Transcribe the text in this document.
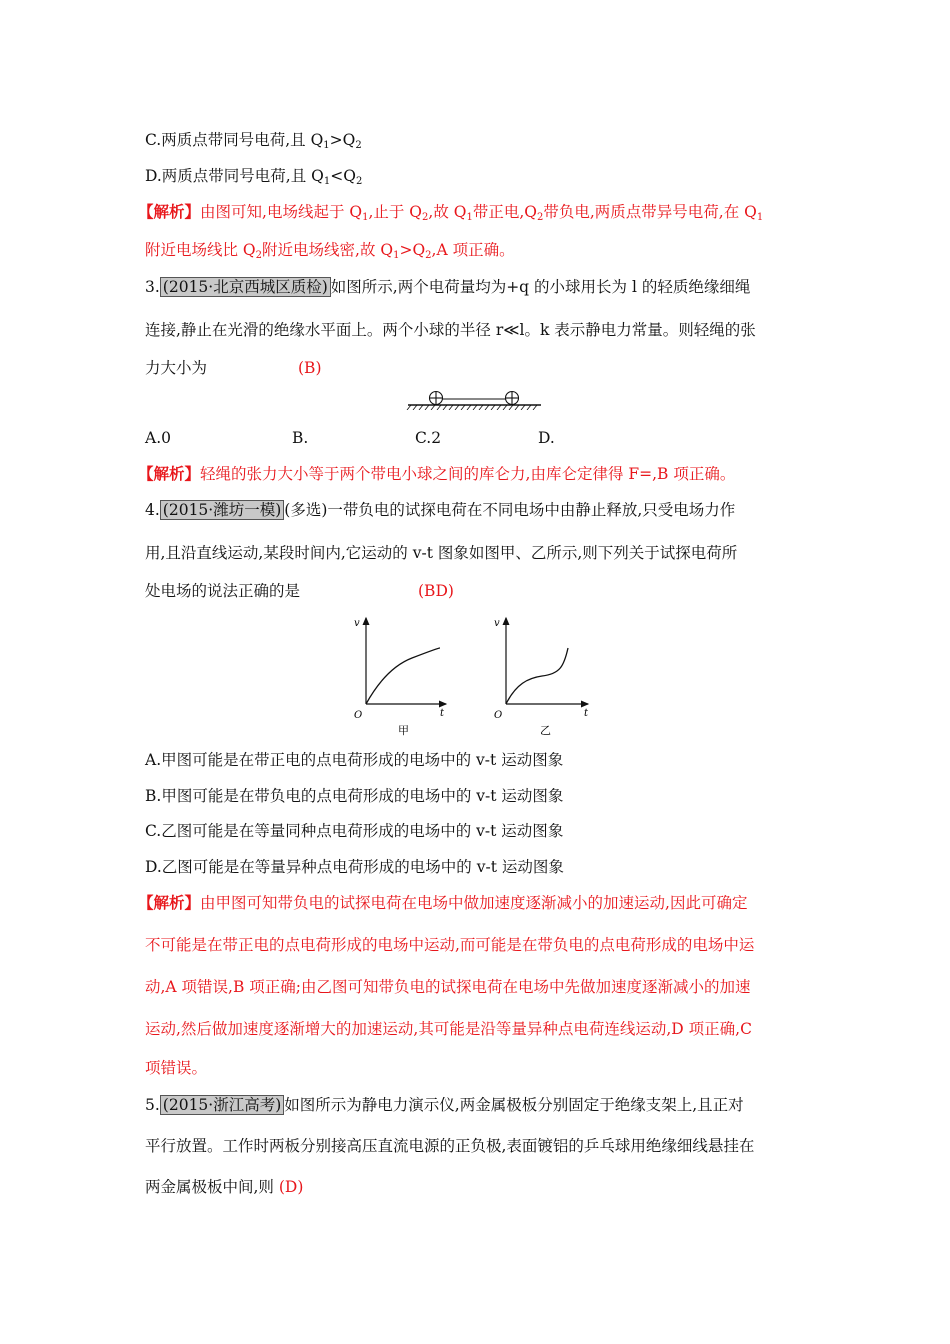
C.两质点带同号电荷,且 $Q_1>Q_2$
D.两质点带同号电荷,且 $Q_1<Q_2$
【解析】由图可知,电场线起于 $Q_1$,止于 $Q_2$,故 $Q_1$带正电$,Q_2$带负电,两质点带异号电荷,在 $Q_1$
附近电场线比 $Q_2$附近电场线密,故 $Q_1>Q_2,A$ 项正确。
3. (2015·北京西城区质检) 如图所示,两个电荷量均为+q 的小球用长为 l 的轻质绝缘细绳
连接,静止在光滑的绝缘水平面上。两个小球的半径 r≪l。k 表示静电力常量。则轻绳的张
力大小为	(B)
A.0	B.	C.2	D.
【解析】轻绳的张力大小等于两个带电小球之间的库仑力,由库仑定律得 F=,B 项正确。
4. (2015·潍坊一模) (多选)一带负电的试探电荷在不同电场中由静止释放,只受电场力作
用,且沿直线运动,某段时间内,它运动的 v-t 图象如图甲、乙所示,则下列关于试探电荷所
处电场的说法正确的是	(BD)
v
t
O
甲
v
t
O
乙
A.甲图可能是在带正电的点电荷形成的电场中的 v-t 运动图象
B.甲图可能是在带负电的点电荷形成的电场中的 v-t 运动图象
C.乙图可能是在等量同种点电荷形成的电场中的 v-t 运动图象
D.乙图可能是在等量异种点电荷形成的电场中的 v-t 运动图象
【解析】由甲图可知带负电的试探电荷在电场中做加速度逐渐减小的加速运动,因此可确定
不可能是在带正电的点电荷形成的电场中运动,而可能是在带负电的点电荷形成的电场中运
动,A 项错误,B 项正确;由乙图可知带负电的试探电荷在电场中先做加速度逐渐减小的加速
运动,然后做加速度逐渐增大的加速运动,其可能是沿等量异种点电荷连线运动,D 项正确,C
项错误。
5. (2015·浙江高考) 如图所示为静电力演示仪,两金属极板分别固定于绝缘支架上,且正对
平行放置。工作时两板分别接高压直流电源的正负极,表面镀铝的乒乓球用绝缘细线悬挂在
两金属极板中间,则 (D)
